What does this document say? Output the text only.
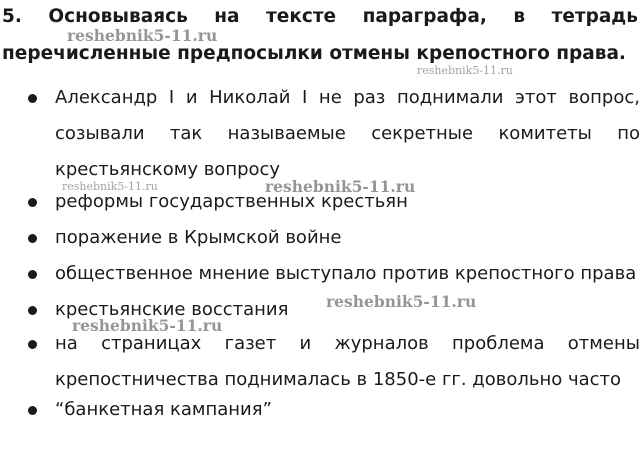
5. Основываясь на тексте параграфа, в тетрадь
перечисленные предпосылки отмены крепостного права.
Александр I и Николай I не раз поднимали этот вопрос,
созывали так называемые секретные комитеты по
крестьянскому вопросу
реформы государственных крестьян
поражение в Крымской войне
общественное мнение выступало против крепостного права
крестьянские восстания
на страницах газет и журналов проблема отмены
крепостничества поднималась в 1850-е гг. довольно часто
“банкетная кампания”
reshebnik5-11.ru
reshebnik5-11.ru
reshebnik5-11.ru	reshebnik5-11.ru
reshebnik5-11.ru
reshebnik5-11.ru
